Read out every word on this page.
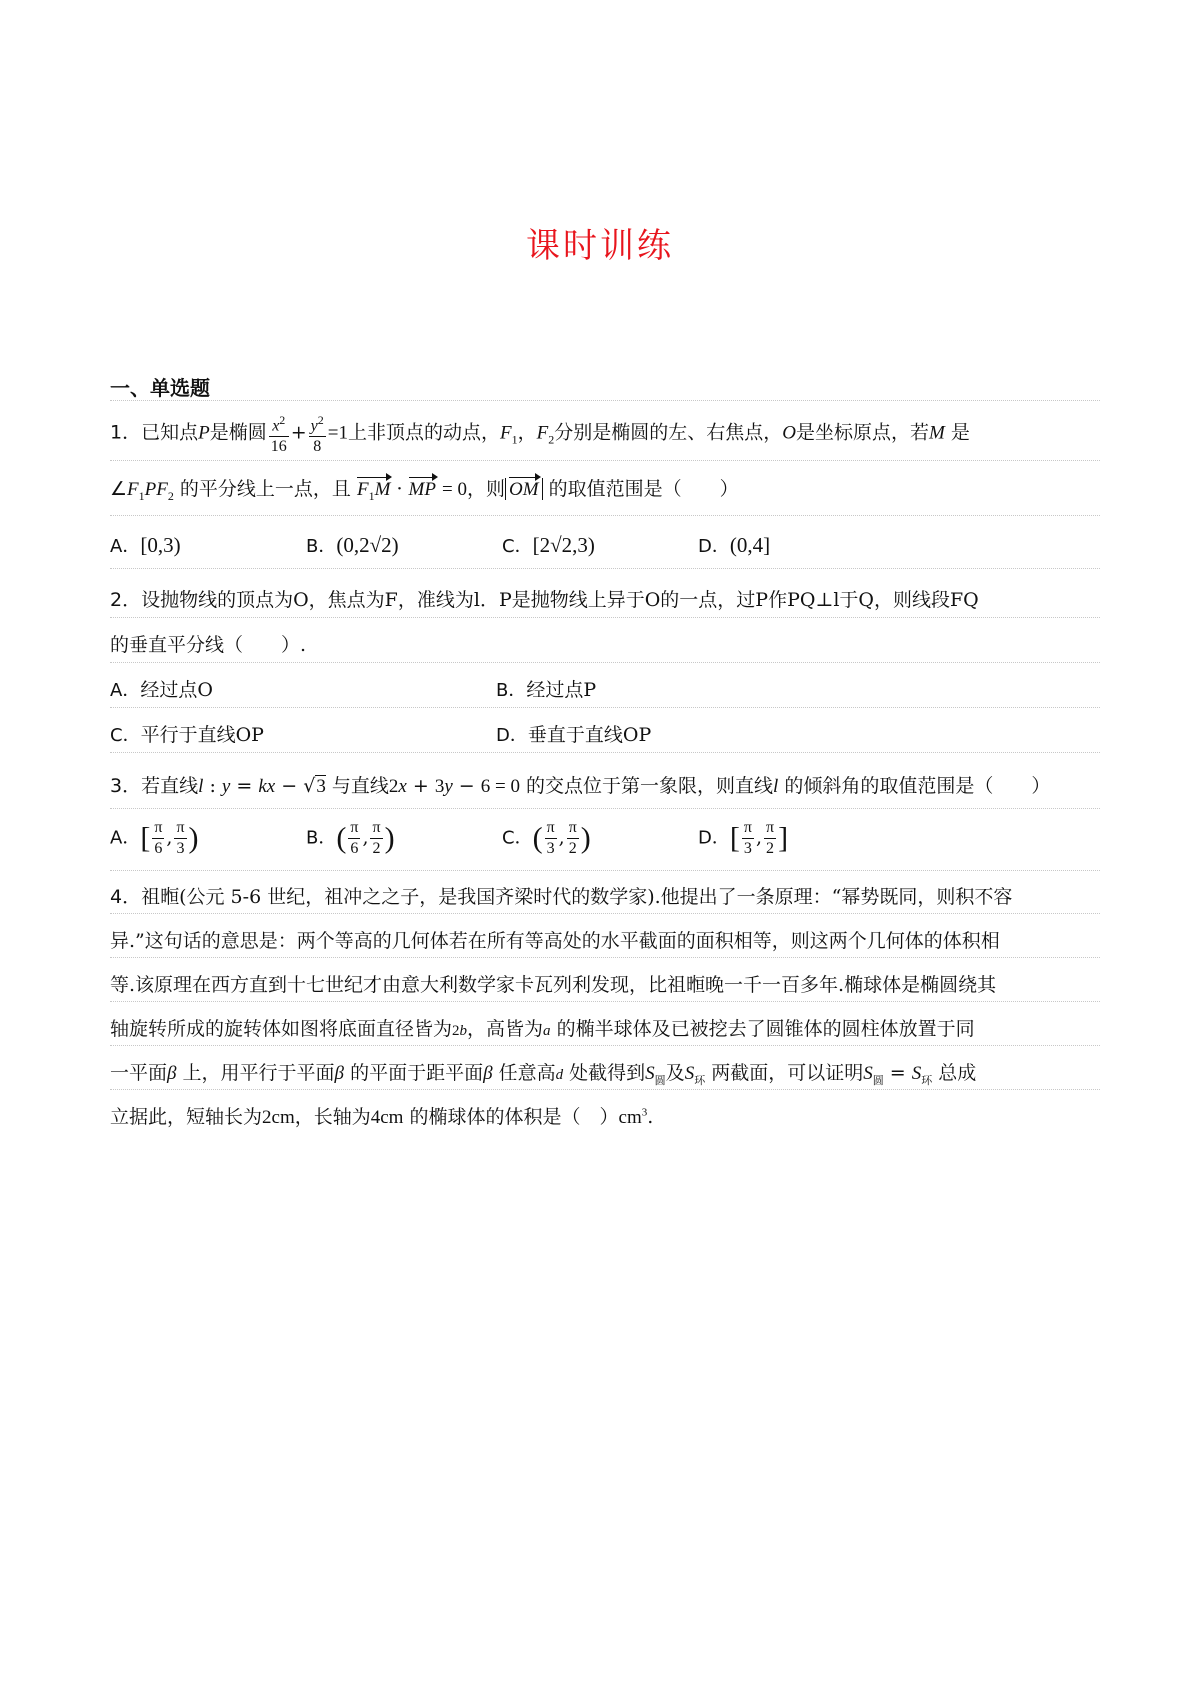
课时训练
一、单选题
1．已知点P是椭圆 $\frac{x^2}{16} + \frac{y^2}{8} =1$上非顶点的动点，$F_1$，$F_2$分别是椭圆的左、右焦点，O是坐标原点，若M 是
$\angle F_1PF_2$ 的平分线上一点，且 $F_1M$ · MP = 0，则 OM 的取值范围是（　　）
A．[0,3)	B．(0,2√2)	C．[2√2,3)	D．(0,4]
2．设抛物线的顶点为O，焦点为F，准线为l．P是抛物线上异于O的一点，过P作PQ⊥l于Q，则线段FQ
的垂直平分线（　　）.
A．经过点O	B．经过点P
C．平行于直线OP	D．垂直于直线OP
3．若直线l : y = kx − √3 与直线2x + 3y − 6 = 0 的交点位于第一象限，则直线l 的倾斜角的取值范围是（　　）
A．[ $\frac{\pi}{6}$ , $\frac{\pi}{3}$ )	B．( $\frac{\pi}{6}$ , $\frac{\pi}{2}$ )	C．( $\frac{\pi}{3}$ , $\frac{\pi}{2}$ )	D．[ $\frac{\pi}{3}$ , $\frac{\pi}{2}$ ]
4．祖暅(公元 5-6 世纪，祖冲之之子，是我国齐梁时代的数学家).他提出了一条原理：“幂势既同，则积不容
异.”这句话的意思是：两个等高的几何体若在所有等高处的水平截面的面积相等，则这两个几何体的体积相
等.该原理在西方直到十七世纪才由意大利数学家卡瓦列利发现，比祖暅晚一千一百多年.椭球体是椭圆绕其
轴旋转所成的旋转体如图将底面直径皆为2b，高皆为a 的椭半球体及已被挖去了圆锥体的圆柱体放置于同
一平面β 上，用平行于平面β 的平面于距平面β 任意高d 处截得到$S_圆$及$S_环$ 两截面，可以证明$S_圆 = S_环$ 总成
立据此，短轴长为2cm，长轴为4cm 的椭球体的体积是（　）$cm^3$.
